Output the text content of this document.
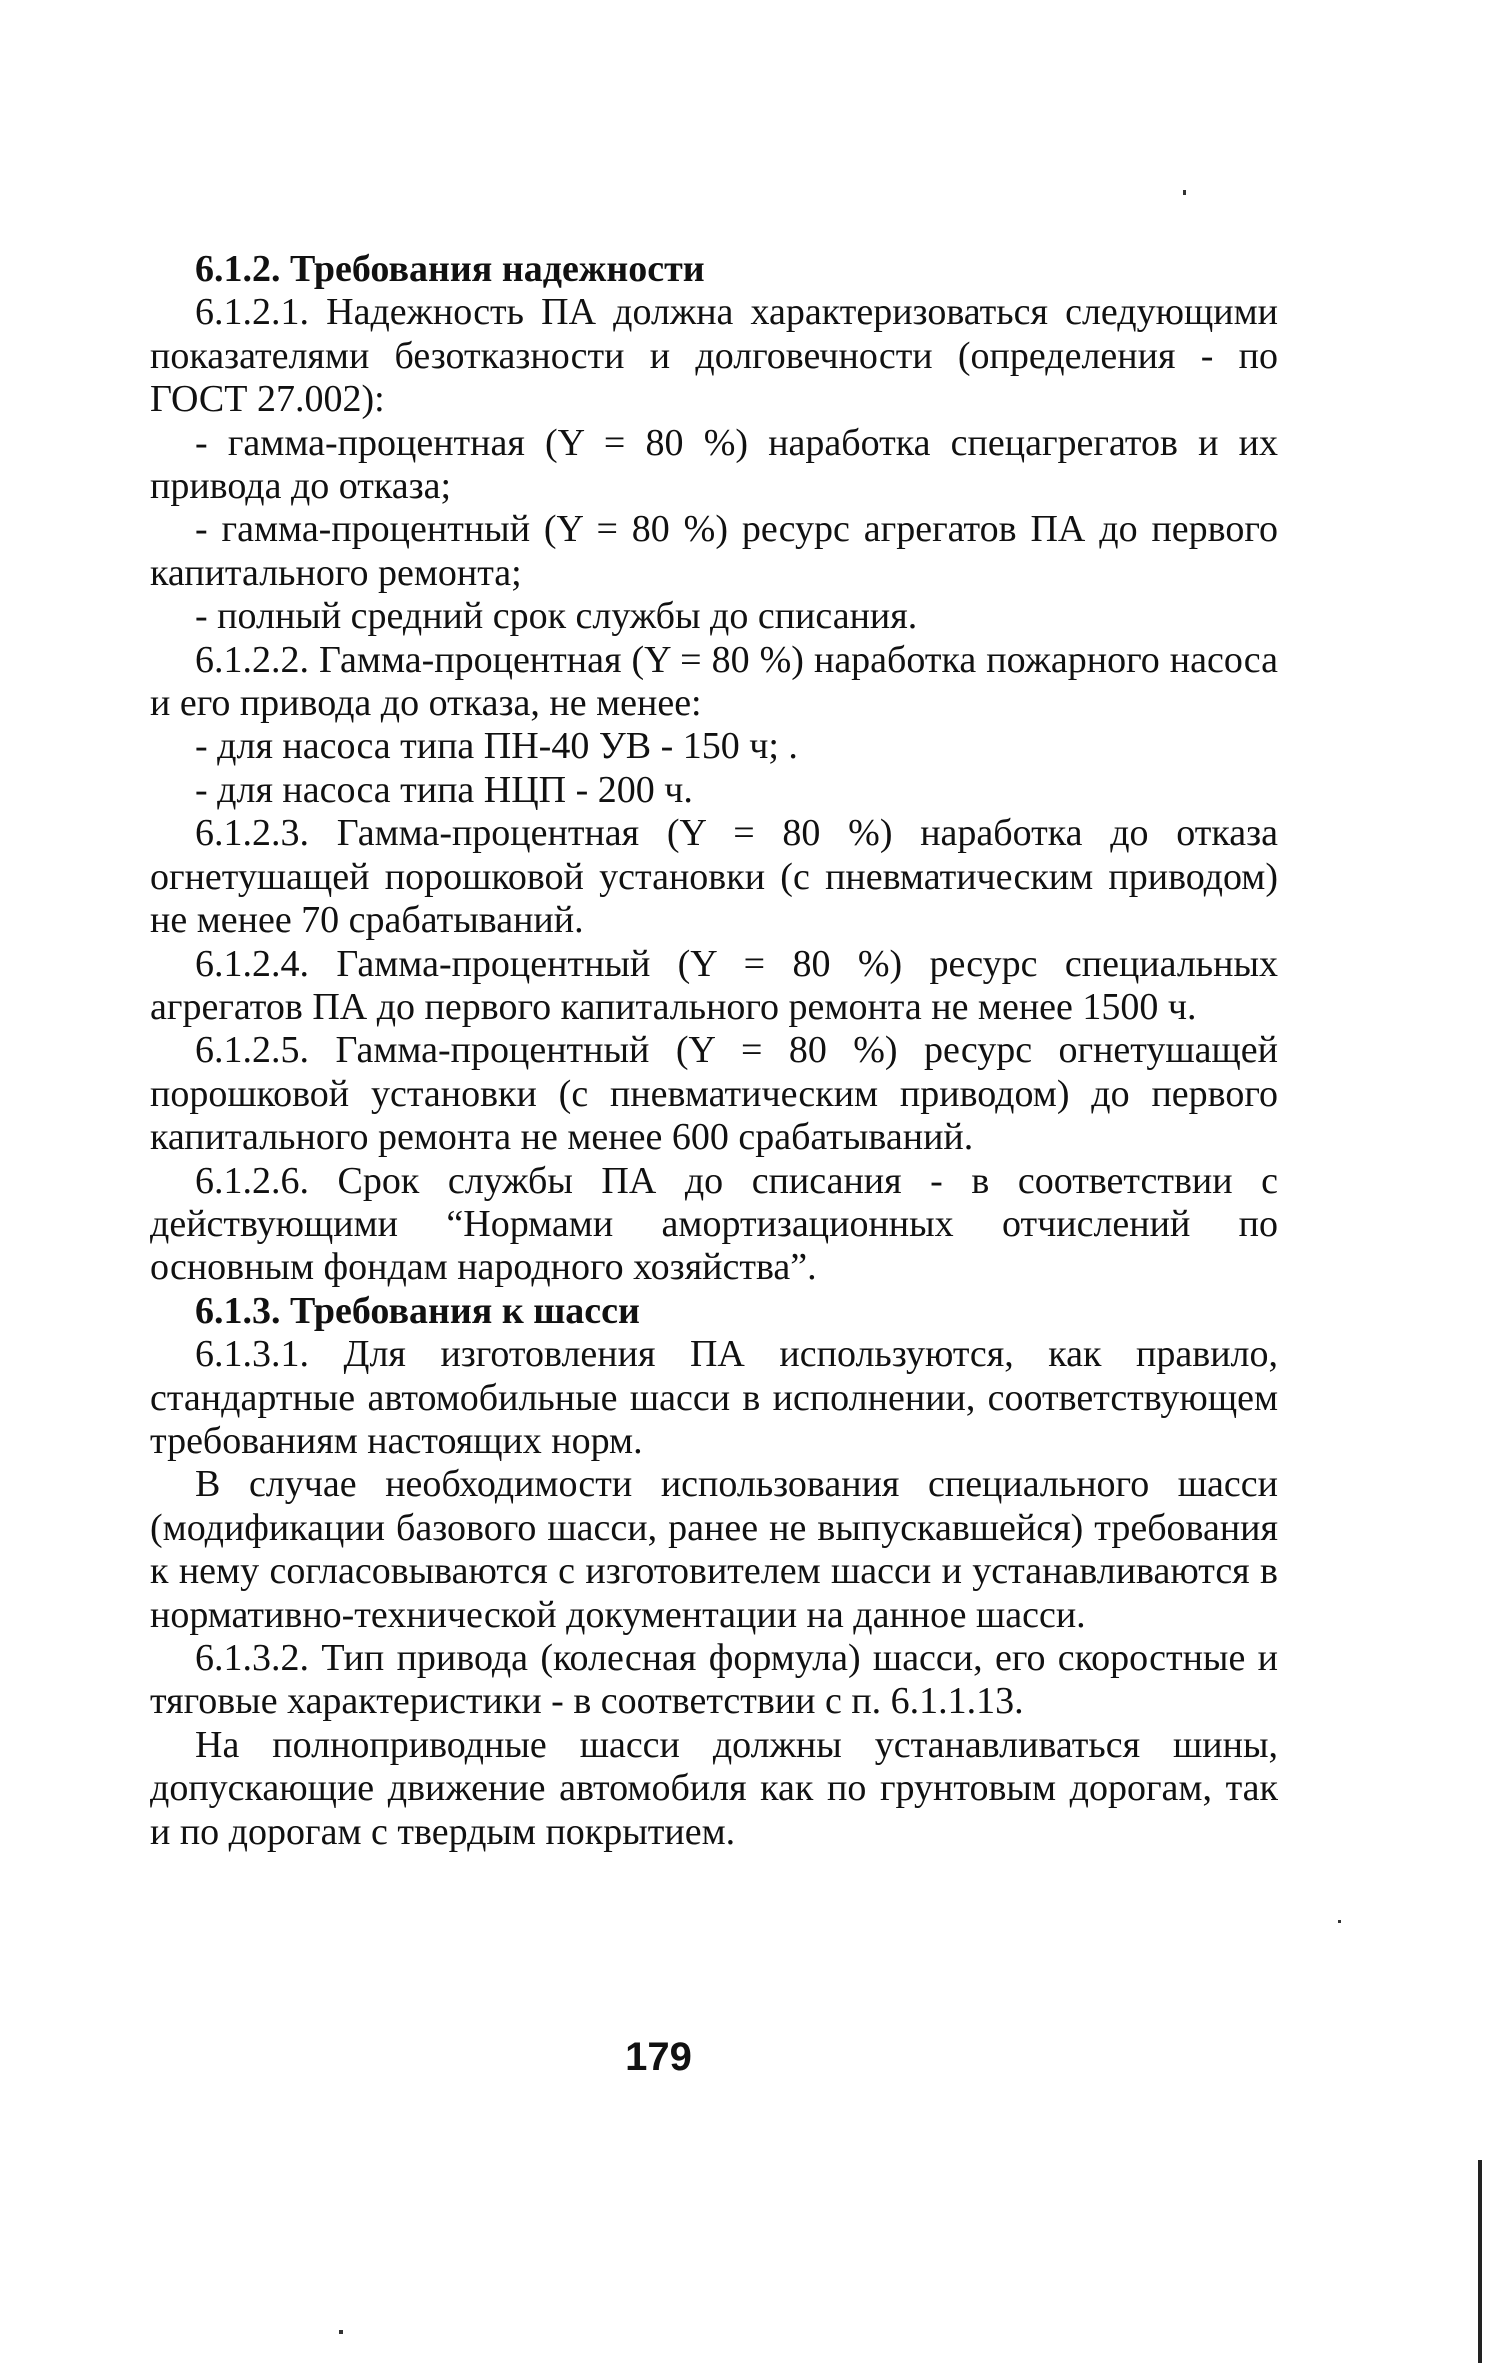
6.1.2. Требования надежности

6.1.2.1. Надежность ПА должна характеризоваться следующими показателями безотказности и долговечности (определения - по ГОСТ 27.002):

- гамма-процентная (Y = 80 %) наработка спецагрегатов и их привода до отказа;

- гамма-процентный (Y = 80 %) ресурс агрегатов ПА до первого капитального ремонта;

- полный средний срок службы до списания.

6.1.2.2. Гамма-процентная (Y = 80 %) наработка пожарного насоса и его привода до отказа, не менее:

- для насоса типа ПН-40 УВ - 150 ч; .

- для насоса типа НЦП - 200 ч.

6.1.2.3. Гамма-процентная (Y = 80 %) наработка до отказа огнетушащей порошковой установки (с пневматическим приводом) не менее 70 срабатываний.

6.1.2.4. Гамма-процентный (Y = 80 %) ресурс специальных агрегатов ПА до первого капитального ремонта не менее 1500 ч.

6.1.2.5. Гамма-процентный (Y = 80 %) ресурс огнетушащей порошковой установки (с пневматическим приводом) до первого капитального ремонта не менее 600 срабатываний.

6.1.2.6. Срок службы ПА до списания - в соответствии с действующими “Нормами амортизационных отчислений по основным фондам народного хозяйства”.

6.1.3. Требования к шасси

6.1.3.1. Для изготовления ПА используются, как правило, стандартные автомобильные шасси в исполнении, соответствующем требованиям настоящих норм.

В случае необходимости использования специального шасси (модификации базового шасси, ранее не выпускавшейся) требования к нему согласовываются с изготовителем шасси и устанавливаются в нормативно-технической документации на данное шасси.

6.1.3.2. Тип привода (колесная формула) шасси, его скоростные и тяговые характеристики - в соответствии с п. 6.1.1.13.

На полноприводные шасси должны устанавливаться шины, допускающие движение автомобиля как по грунтовым дорогам, так и по дорогам с твердым покрытием.

179
